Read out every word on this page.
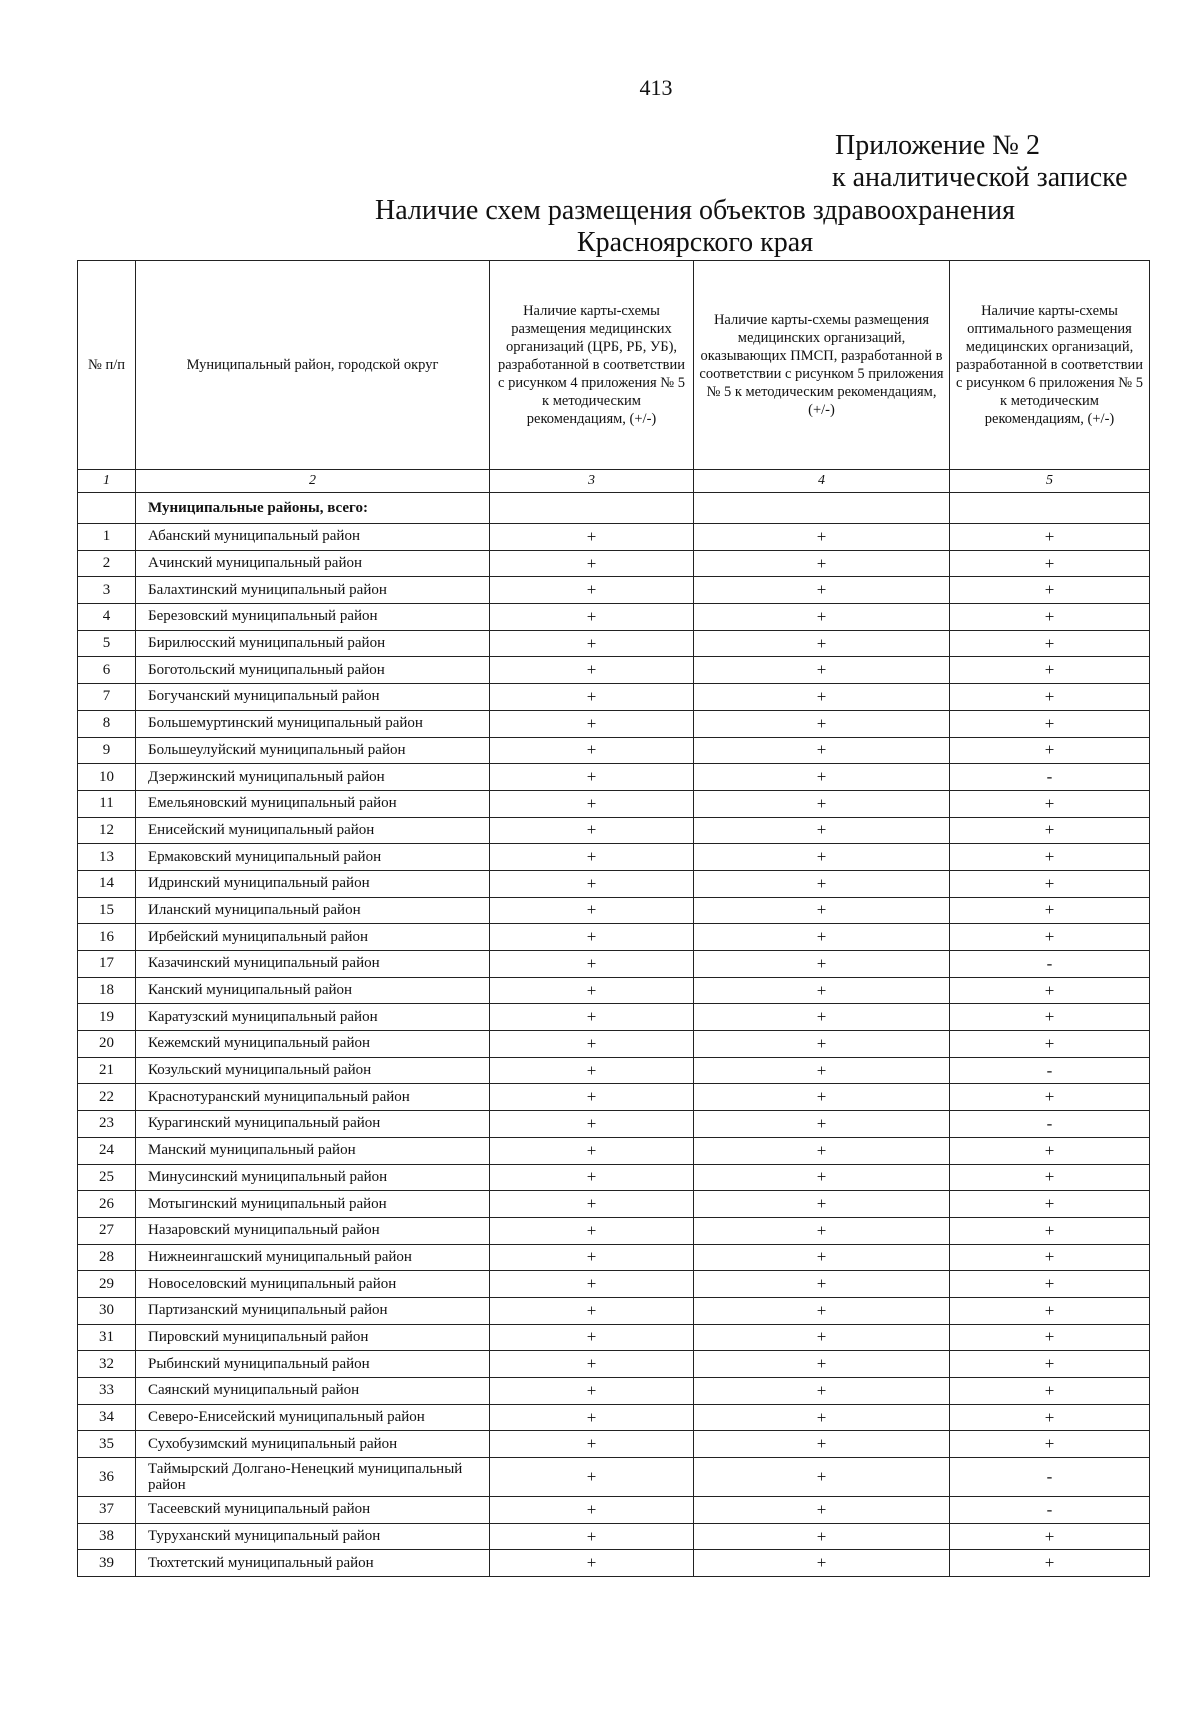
413
Приложение № 2
к аналитической записке
Наличие схем размещения объектов здравоохранения Красноярского края
№ п/п	Муниципальный район, городской округ	Наличие карты-схемы размещения медицинских организаций (ЦРБ, РБ, УБ), разработанной в соответствии с рисунком 4 приложения № 5 к методическим рекомендациям, (+/-)	Наличие карты-схемы размещения медицинских организаций, оказывающих ПМСП, разработанной в соответствии с рисунком 5 приложения № 5 к методическим рекомендациям, (+/-)	Наличие карты-схемы оптимального размещения медицинских организаций, разработанной в соответствии с рисунком 6 приложения № 5 к методическим рекомендациям, (+/-)
1	2	3	4	5
	Муниципальные районы, всего:			
1	Абанский муниципальный район	+	+	+
2	Ачинский муниципальный район	+	+	+
3	Балахтинский муниципальный район	+	+	+
4	Березовский муниципальный район	+	+	+
5	Бирилюсский муниципальный район	+	+	+
6	Боготольский муниципальный район	+	+	+
7	Богучанский муниципальный район	+	+	+
8	Большемуртинский муниципальный район	+	+	+
9	Большеулуйский муниципальный район	+	+	+
10	Дзержинский муниципальный район	+	+	-
11	Емельяновский муниципальный район	+	+	+
12	Енисейский муниципальный район	+	+	+
13	Ермаковский муниципальный район	+	+	+
14	Идринский муниципальный район	+	+	+
15	Иланский муниципальный район	+	+	+
16	Ирбейский муниципальный район	+	+	+
17	Казачинский муниципальный район	+	+	-
18	Канский муниципальный район	+	+	+
19	Каратузский муниципальный район	+	+	+
20	Кежемский муниципальный район	+	+	+
21	Козульский муниципальный район	+	+	-
22	Краснотуранский муниципальный район	+	+	+
23	Курагинский муниципальный район	+	+	-
24	Манский муниципальный район	+	+	+
25	Минусинский муниципальный район	+	+	+
26	Мотыгинский муниципальный район	+	+	+
27	Назаровский муниципальный район	+	+	+
28	Нижнеингашский муниципальный район	+	+	+
29	Новоселовский муниципальный район	+	+	+
30	Партизанский муниципальный район	+	+	+
31	Пировский муниципальный район	+	+	+
32	Рыбинский муниципальный район	+	+	+
33	Саянский муниципальный район	+	+	+
34	Северо-Енисейский муниципальный район	+	+	+
35	Сухобузимский муниципальный район	+	+	+
36	Таймырский Долгано-Ненецкий муниципальный район	+	+	-
37	Тасеевский муниципальный район	+	+	-
38	Туруханский муниципальный район	+	+	+
39	Тюхтетский муниципальный район	+	+	+
